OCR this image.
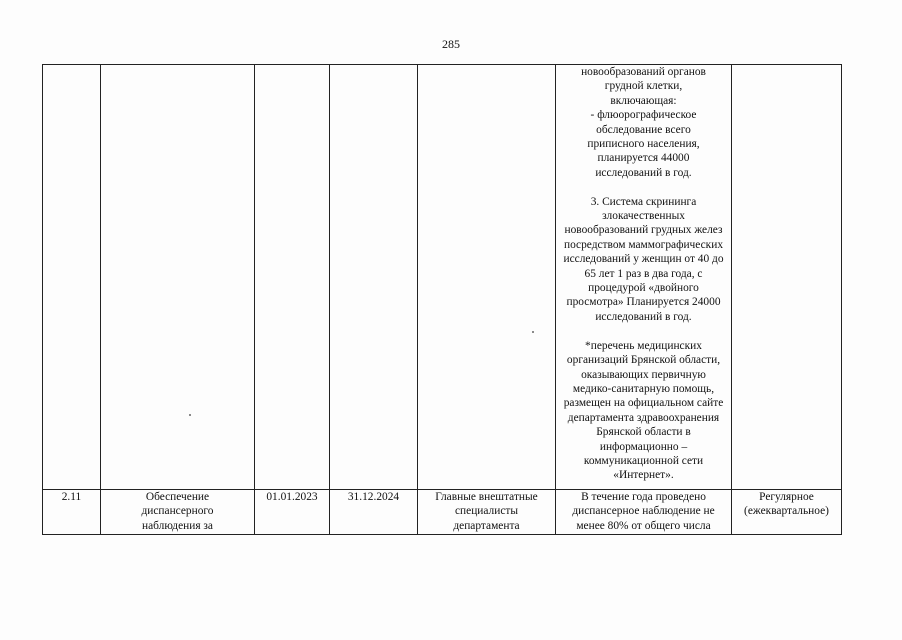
285

					новообразований органов грудной клетки, включающая:

- флюорографическое обследование всего приписного населения, планируется 44000 исследований в год.

3. Система скрининга злокачественных новообразований грудных желез посредством маммографических исследований у женщин от 40 до 65 лет 1 раз в два года, с процедурой «двойного просмотра» Планируется 24000 исследований в год.

*перечень медицинских организаций Брянской области, оказывающих первичную медико-санитарную помощь, размещен на официальном сайте департамента здравоохранения Брянской области в информационно – коммуникационной сети «Интернет».	

2.11	Обеспечение диспансерного наблюдения за	01.01.2023	31.12.2024	Главные внештатные специалисты департамента	В течение года проведено диспансерное наблюдение не менее 80% от общего числа	Регулярное (ежеквартальное)
